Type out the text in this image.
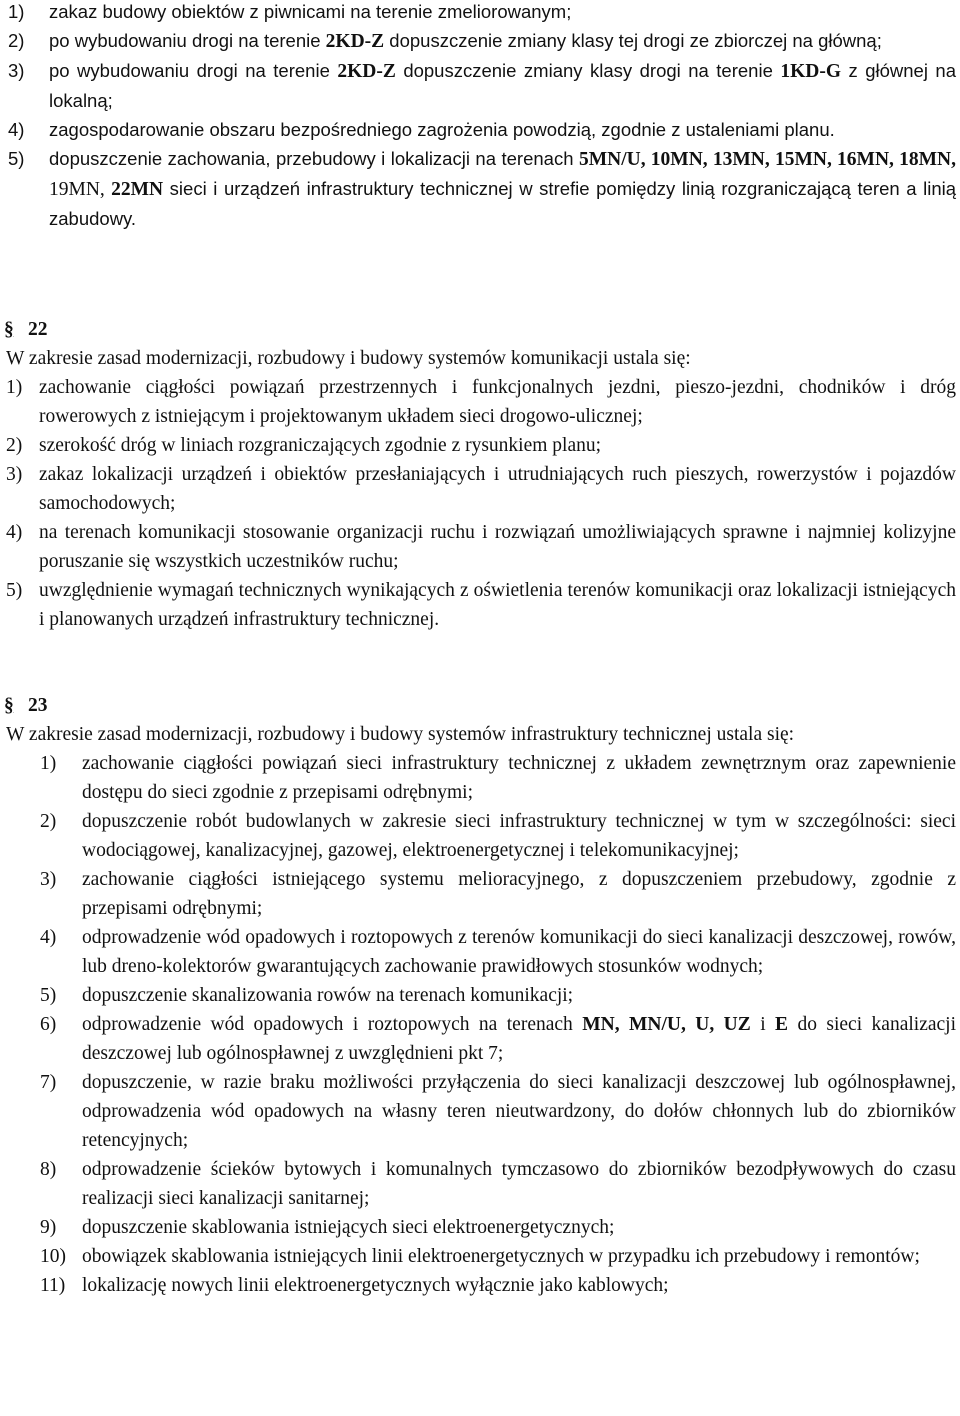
1)	zakaz budowy obiektów z piwnicami na terenie zmeliorowanym;
2)	po wybudowaniu drogi na terenie 2KD-Z dopuszczenie zmiany klasy tej drogi ze zbiorczej na główną;
3)	po wybudowaniu drogi na terenie 2KD-Z dopuszczenie zmiany klasy drogi na terenie 1KD-G z głównej na lokalną;
4)	zagospodarowanie obszaru bezpośredniego zagrożenia powodzią, zgodnie z ustaleniami planu.
5)	dopuszczenie zachowania, przebudowy i lokalizacji na terenach 5MN/U, 10MN, 13MN, 15MN, 16MN, 18MN, 19MN, 22MN sieci i urządzeń infrastruktury technicznej w strefie pomiędzy linią rozgraniczającą teren a linią zabudowy.
§ 22
W zakresie zasad modernizacji, rozbudowy i budowy systemów komunikacji ustala się:
1) zachowanie ciągłości powiązań przestrzennych i funkcjonalnych jezdni, pieszo-jezdni, chodników i dróg rowerowych z istniejącym i projektowanym układem sieci drogowo-ulicznej;
2) szerokość dróg w liniach rozgraniczających zgodnie z rysunkiem planu;
3) zakaz lokalizacji urządzeń i obiektów przesłaniających i utrudniających ruch pieszych, rowerzystów i pojazdów samochodowych;
4) na terenach komunikacji stosowanie organizacji ruchu i rozwiązań umożliwiających sprawne i najmniej kolizyjne poruszanie się wszystkich uczestników ruchu;
5) uwzględnienie wymagań technicznych wynikających z oświetlenia terenów komunikacji oraz lokalizacji istniejących i planowanych urządzeń infrastruktury technicznej.
§ 23
W zakresie zasad modernizacji, rozbudowy i budowy systemów infrastruktury technicznej ustala się:
1)	zachowanie ciągłości powiązań sieci infrastruktury technicznej z układem zewnętrznym oraz zapewnienie dostępu do sieci zgodnie z przepisami odrębnymi;
2)	dopuszczenie robót budowlanych w zakresie sieci infrastruktury technicznej w tym w szczególności: sieci wodociągowej, kanalizacyjnej, gazowej, elektroenergetycznej i telekomunikacyjnej;
3)	zachowanie ciągłości istniejącego systemu melioracyjnego, z dopuszczeniem przebudowy, zgodnie z przepisami odrębnymi;
4)	odprowadzenie wód opadowych i roztopowych z terenów komunikacji do sieci kanalizacji deszczowej, rowów, lub dreno-kolektorów gwarantujących zachowanie prawidłowych stosunków wodnych;
5)	dopuszczenie skanalizowania rowów na terenach komunikacji;
6)	odprowadzenie wód opadowych i roztopowych na terenach MN, MN/U, U, UZ i E do sieci kanalizacji deszczowej lub ogólnospławnej z uwzględnieni pkt 7;
7)	dopuszczenie, w razie braku możliwości przyłączenia do sieci kanalizacji deszczowej lub ogólnospławnej, odprowadzenia wód opadowych na własny teren nieutwardzony, do dołów chłonnych lub do zbiorników retencyjnych;
8)	odprowadzenie ścieków bytowych i komunalnych tymczasowo do zbiorników bezodpływowych do czasu realizacji sieci kanalizacji sanitarnej;
9)	dopuszczenie skablowania istniejących sieci elektroenergetycznych;
10) obowiązek skablowania istniejących linii elektroenergetycznych w przypadku ich przebudowy i remontów;
11) lokalizację nowych linii elektroenergetycznych wyłącznie jako kablowych;
